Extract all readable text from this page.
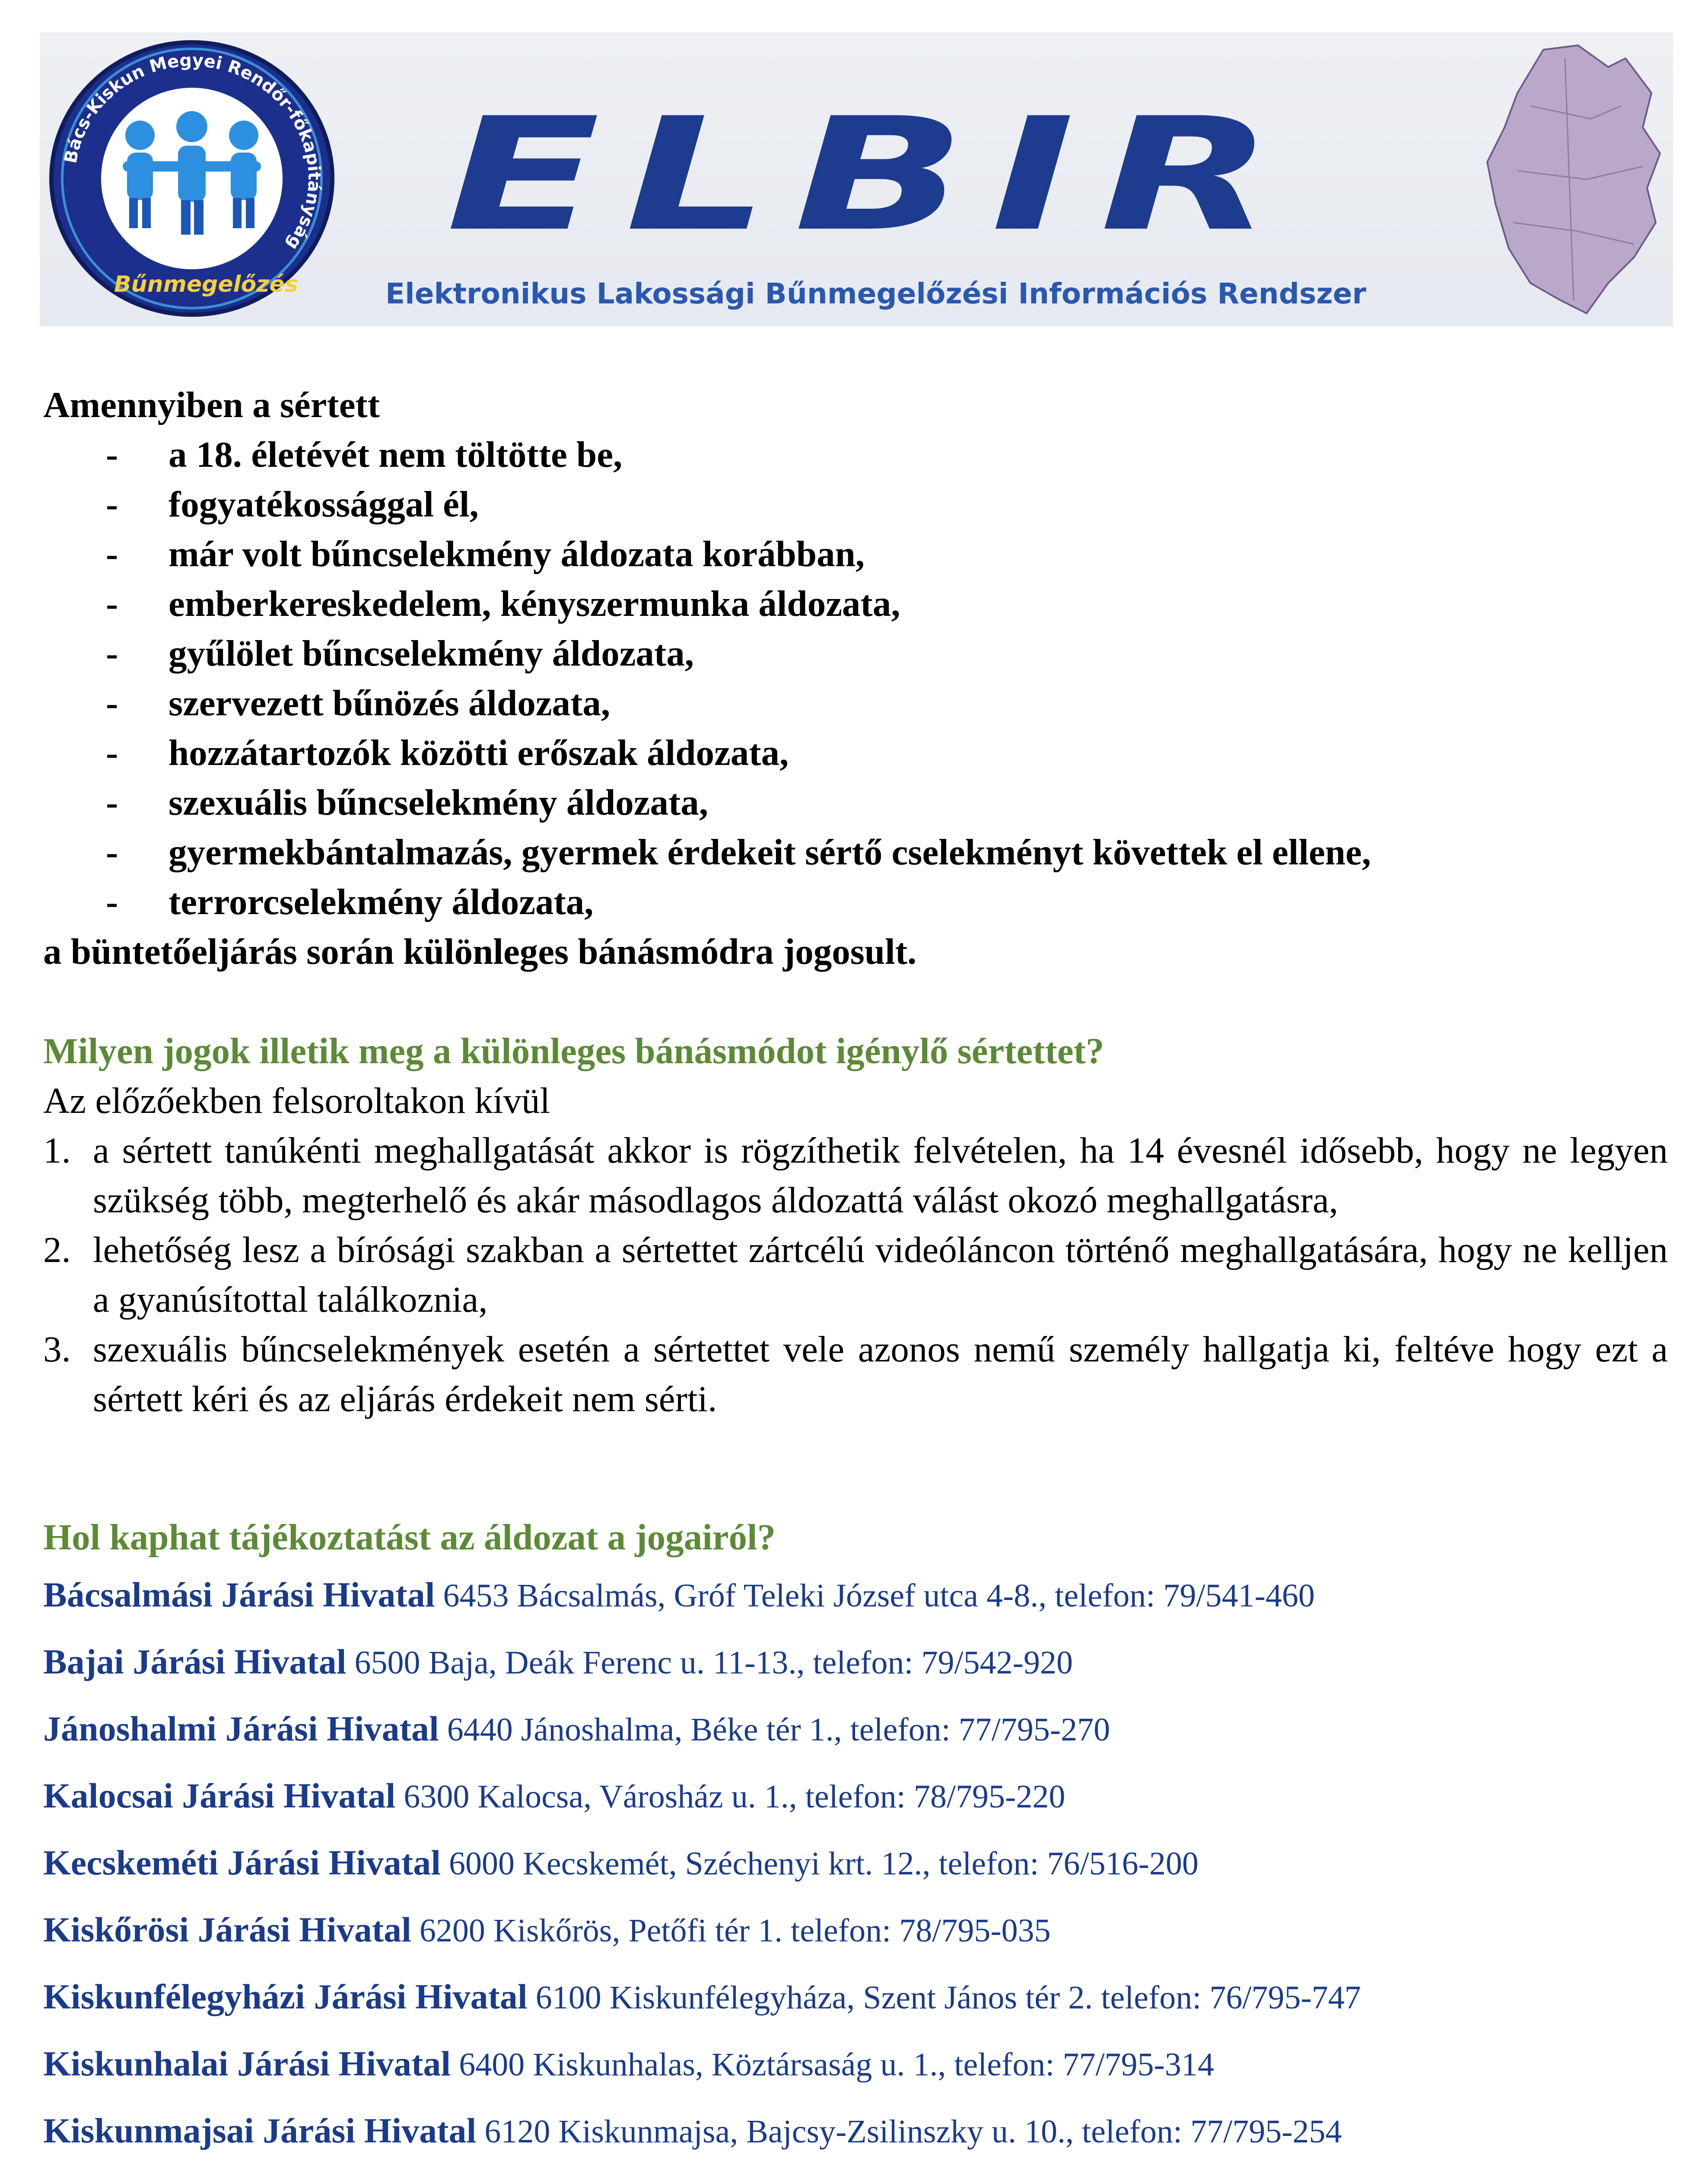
Bács-Kiskun Megyei Rendőr-főkapitányság
Bűnmegelőzés
ELBIR
Elektronikus Lakossági Bűnmegelőzési Információs Rendszer
Amennyiben a sértett
-	a 18. életévét nem töltötte be,
-	fogyatékossággal él,
-	már volt bűncselekmény áldozata korábban,
-	emberkereskedelem, kényszermunka áldozata,
-	gyűlölet bűncselekmény áldozata,
-	szervezett bűnözés áldozata,
-	hozzátartozók közötti erőszak áldozata,
-	szexuális bűncselekmény áldozata,
-	gyermekbántalmazás, gyermek érdekeit sértő cselekményt követtek el ellene,
-	terrorcselekmény áldozata,
a büntetőeljárás során különleges bánásmódra jogosult.
Milyen jogok illetik meg a különleges bánásmódot igénylő sértettet?
Az előzőekben felsoroltakon kívül
1. a sértett tanúkénti meghallgatását akkor is rögzíthetik felvételen, ha 14 évesnél idősebb, hogy ne legyen szükség több, megterhelő és akár másodlagos áldozattá válást okozó meghallgatásra,
2. lehetőség lesz a bírósági szakban a sértettet zártcélú videóláncon történő meghallgatására, hogy ne kelljen a gyanúsítottal találkoznia,
3. szexuális bűncselekmények esetén a sértettet vele azonos nemű személy hallgatja ki, feltéve hogy ezt a sértett kéri és az eljárás érdekeit nem sérti.
Hol kaphat tájékoztatást az áldozat a jogairól?
Bácsalmási Járási Hivatal 6453 Bácsalmás, Gróf Teleki József utca 4-8., telefon: 79/541-460
Bajai Járási Hivatal 6500 Baja, Deák Ferenc u. 11-13., telefon: 79/542-920
Jánoshalmi Járási Hivatal 6440 Jánoshalma, Béke tér 1., telefon: 77/795-270
Kalocsai Járási Hivatal 6300 Kalocsa, Városház u. 1., telefon: 78/795-220
Kecskeméti Járási Hivatal 6000 Kecskemét, Széchenyi krt. 12., telefon: 76/516-200
Kiskőrösi Járási Hivatal 6200 Kiskőrös, Petőfi tér 1. telefon: 78/795-035
Kiskunfélegyházi Járási Hivatal 6100 Kiskunfélegyháza, Szent János tér 2. telefon: 76/795-747
Kiskunhalai Járási Hivatal 6400 Kiskunhalas, Köztársaság u. 1., telefon: 77/795-314
Kiskunmajsai Járási Hivatal 6120 Kiskunmajsa, Bajcsy-Zsilinszky u. 10., telefon: 77/795-254
